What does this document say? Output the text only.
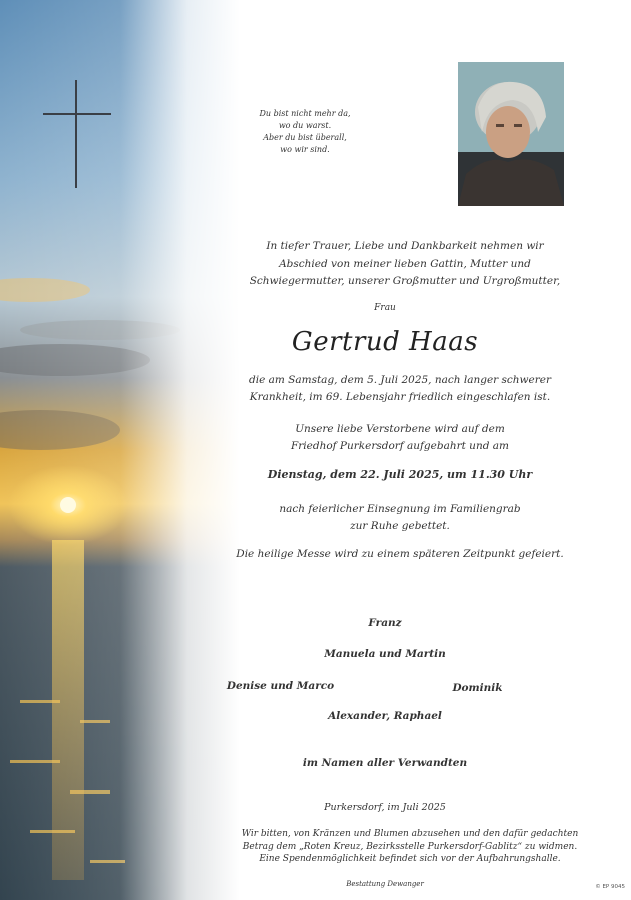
Du bist nicht mehr da,
wo du warst.
Aber du bist überall,
wo wir sind.
In tiefer Trauer, Liebe und Dankbarkeit nehmen wir
Abschied von meiner lieben Gattin, Mutter und
Schwiegermutter, unserer Großmutter und Urgroßmutter,
Frau
Gertrud Haas
die am Samstag, dem 5. Juli 2025, nach langer schwerer
Krankheit, im 69. Lebensjahr friedlich eingeschlafen ist.
Unsere liebe Verstorbene wird auf dem
Friedhof Purkersdorf aufgebahrt und am
Dienstag, dem 22. Juli 2025, um 11.30 Uhr
nach feierlicher Einsegnung im Familiengrab
zur Ruhe gebettet.
Die heilige Messe wird zu einem späteren Zeitpunkt gefeiert.
Franz
Manuela und Martin
Denise und Marco	Dominik
Alexander, Raphael
im Namen aller Verwandten
Purkersdorf, im Juli 2025
Wir bitten, von Kränzen und Blumen abzusehen und den dafür gedachten
Betrag dem „Roten Kreuz, Bezirksstelle Purkersdorf-Gablitz“ zu widmen.
Eine Spendenmöglichkeit befindet sich vor der Aufbahrungshalle.
Bestattung Dewanger	© EP 9045
